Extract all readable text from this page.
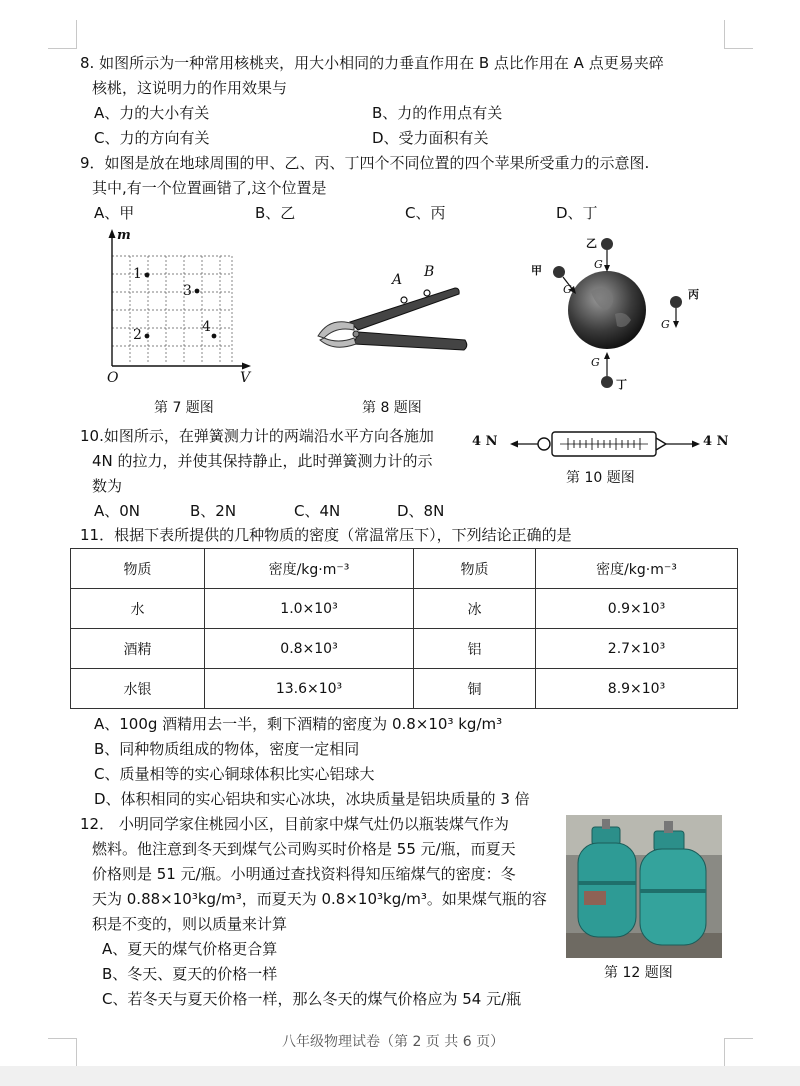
8. 如图所示为一种常用核桃夹，用大小相同的力垂直作用在 B 点比作用在 A 点更易夹碎
核桃，这说明力的作用效果与
A、力的大小有关	B、力的作用点有关
C、力的方向有关	D、受力面积有关
9．如图是放在地球周围的甲、乙、丙、丁四个不同位置的四个苹果所受重力的示意图.
其中,有一个位置画错了,这个位置是
A、甲	B、乙	C、丙	D、丁
m
V
O
1
2
3
4
第 7 题图
A B
第 8 题图
乙
甲
丙
丁
G
G
G
G
10.如图所示，在弹簧测力计的两端沿水平方向各施加
4N 的拉力，并使其保持静止，此时弹簧测力计的示
数为
A、0N	B、2N	C、4N	D、8N
4 N	4 N
第 10 题图
11．根据下表所提供的几种物质的密度（常温常压下），下列结论正确的是
物质	密度/kg·m⁻³	物质	密度/kg·m⁻³
水	1.0×10³	冰	0.9×10³
酒精	0.8×10³	铝	2.7×10³
水银	13.6×10³	铜	8.9×10³
A、100g 酒精用去一半，剩下酒精的密度为 0.8×10³ kg/m³
B、同种物质组成的物体，密度一定相同
C、质量相等的实心铜球体积比实心铝球大
D、体积相同的实心铝块和实心冰块，冰块质量是铝块质量的 3 倍
12． 小明同学家住桃园小区，目前家中煤气灶仍以瓶装煤气作为
燃料。他注意到冬天到煤气公司购买时价格是 55 元/瓶，而夏天
价格则是 51 元/瓶。小明通过查找资料得知压缩煤气的密度：冬
天为 0.88×10³kg/m³，而夏天为 0.8×10³kg/m³。如果煤气瓶的容
积是不变的，则以质量来计算
A、夏天的煤气价格更合算
B、冬天、夏天的价格一样
C、若冬天与夏天价格一样，那么冬天的煤气价格应为 54 元/瓶
第 12 题图
八年级物理试卷（第 2 页 共 6 页）
